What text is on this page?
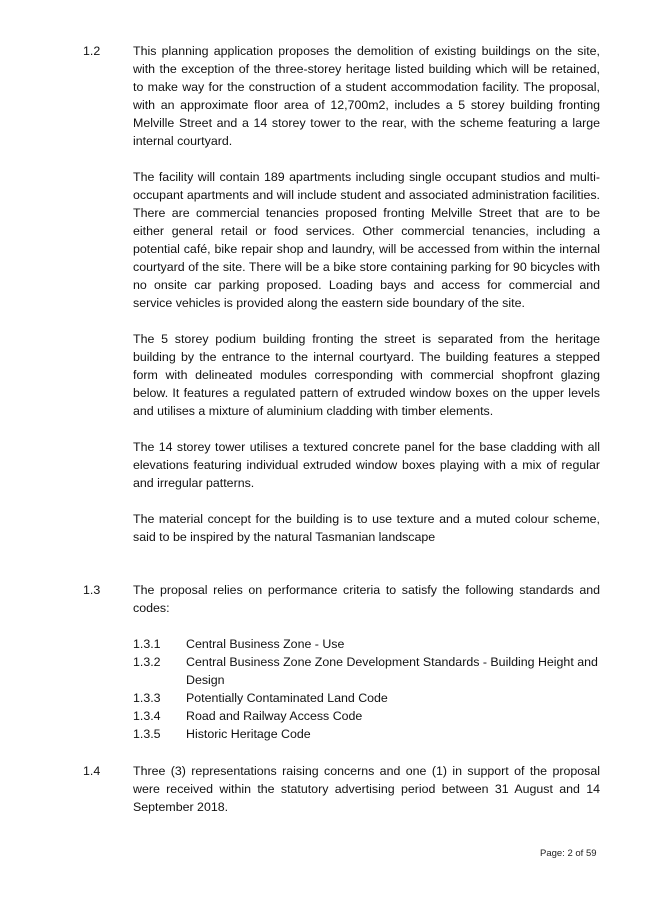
1.2	This planning application proposes the demolition of existing buildings on the site, with the exception of the three-storey heritage listed building which will be retained, to make way for the construction of a student accommodation facility. The proposal, with an approximate floor area of 12,700m2, includes a 5 storey building fronting Melville Street and a 14 storey tower to the rear, with the scheme featuring a large internal courtyard.

The facility will contain 189 apartments including single occupant studios and multi-occupant apartments and will include student and associated administration facilities. There are commercial tenancies proposed fronting Melville Street that are to be either general retail or food services. Other commercial tenancies, including a potential café, bike repair shop and laundry, will be accessed from within the internal courtyard of the site. There will be a bike store containing parking for 90 bicycles with no onsite car parking proposed. Loading bays and access for commercial and service vehicles is provided along the eastern side boundary of the site.

The 5 storey podium building fronting the street is separated from the heritage building by the entrance to the internal courtyard. The building features a stepped form with delineated modules corresponding with commercial shopfront glazing below. It features a regulated pattern of extruded window boxes on the upper levels and utilises a mixture of aluminium cladding with timber elements.

The 14 storey tower utilises a textured concrete panel for the base cladding with all elevations featuring individual extruded window boxes playing with a mix of regular and irregular patterns.

The material concept for the building is to use texture and a muted colour scheme, said to be inspired by the natural Tasmanian landscape

1.3	The proposal relies on performance criteria to satisfy the following standards and codes:

1.3.1 Central Business Zone - Use
1.3.2 Central Business Zone Zone Development Standards - Building Height and Design
1.3.3 Potentially Contaminated Land Code
1.3.4 Road and Railway Access Code
1.3.5 Historic Heritage Code
1.4	Three (3) representations raising concerns and one (1) in support of the proposal were received within the statutory advertising period between 31 August and 14 September 2018.

Page: 2 of 59
